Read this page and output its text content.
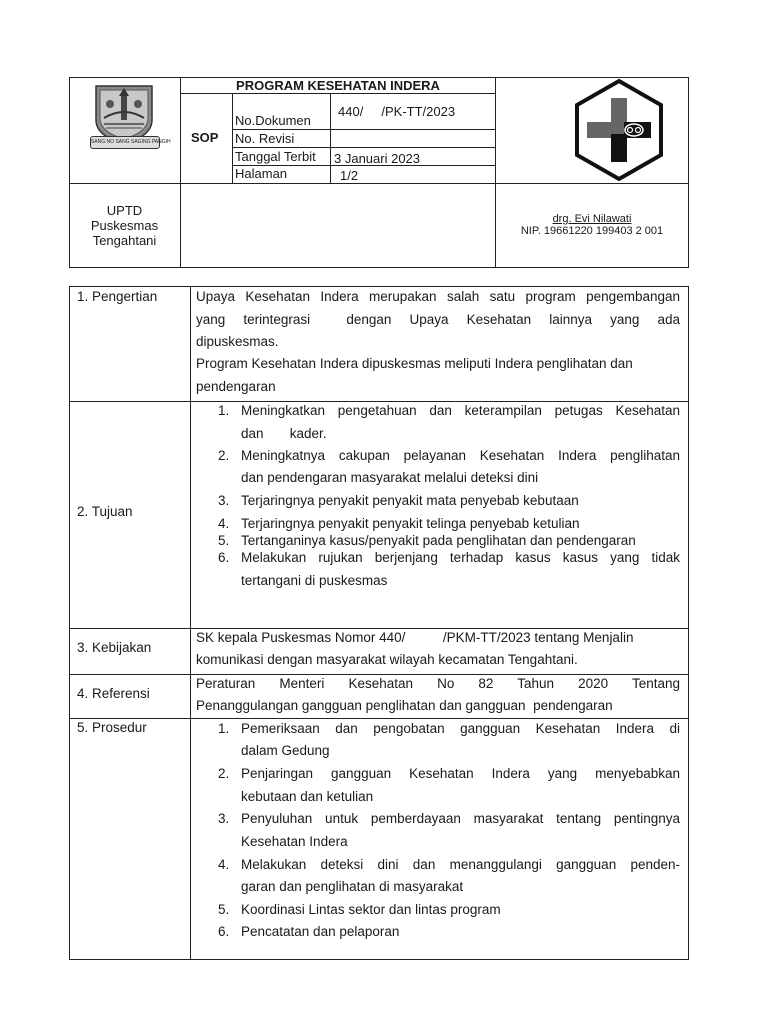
SANG NO SANG SAGING PANGIH
PROGRAM KESEHATAN INDERA
SOP
No.Dokumen
440/     /PK-TT/2023
No. Revisi
Tanggal Terbit 3 Januari 2023
Halaman	1/2
UPTD
Puskesmas
Tengahtani
drg. Evi Nilawati
NIP. 19661220 199403 2 001
1. Pengertian
2. Tujuan
3. Kebijakan
4. Referensi
5. Prosedur
Upaya Kesehatan Indera merupakan salah satu program pengembangan
yang terintegrasi  dengan Upaya Kesehatan lainnya yang ada
dipuskesmas.
Program Kesehatan Indera dipuskesmas meliputi Indera penglihatan dan
pendengaran
1. Meningkatkan pengetahuan dan keterampilan petugas Kesehatan
dan       kader.
2. Meningkatnya cakupan pelayanan Kesehatan Indera penglihatan
dan pendengaran masyarakat melalui deteksi dini
3. Terjaringnya penyakit penyakit mata penyebab kebutaan
4. Terjaringnya penyakit penyakit telinga penyebab ketulian
5. Tertanganinya kasus/penyakit pada penglihatan dan pendengaran
6. Melakukan rujukan berjenjang terhadap kasus kasus yang tidak
tertangani di puskesmas
SK kepala Puskesmas Nomor 440/          /PKM-TT/2023 tentang Menjalin
komunikasi dengan masyarakat wilayah kecamatan Tengahtani.
Peraturan Menteri Kesehatan No 82 Tahun 2020 Tentang
Penanggulangan gangguan penglihatan dan gangguan  pendengaran
1. Pemeriksaan dan pengobatan gangguan Kesehatan Indera di
dalam Gedung
2. Penjaringan gangguan Kesehatan Indera yang menyebabkan
kebutaan dan ketulian
3. Penyuluhan untuk pemberdayaan masyarakat tentang pentingnya
Kesehatan Indera
4. Melakukan deteksi dini dan menanggulangi gangguan penden-
garan dan penglihatan di masyarakat
5. Koordinasi Lintas sektor dan lintas program
6. Pencatatan dan pelaporan
